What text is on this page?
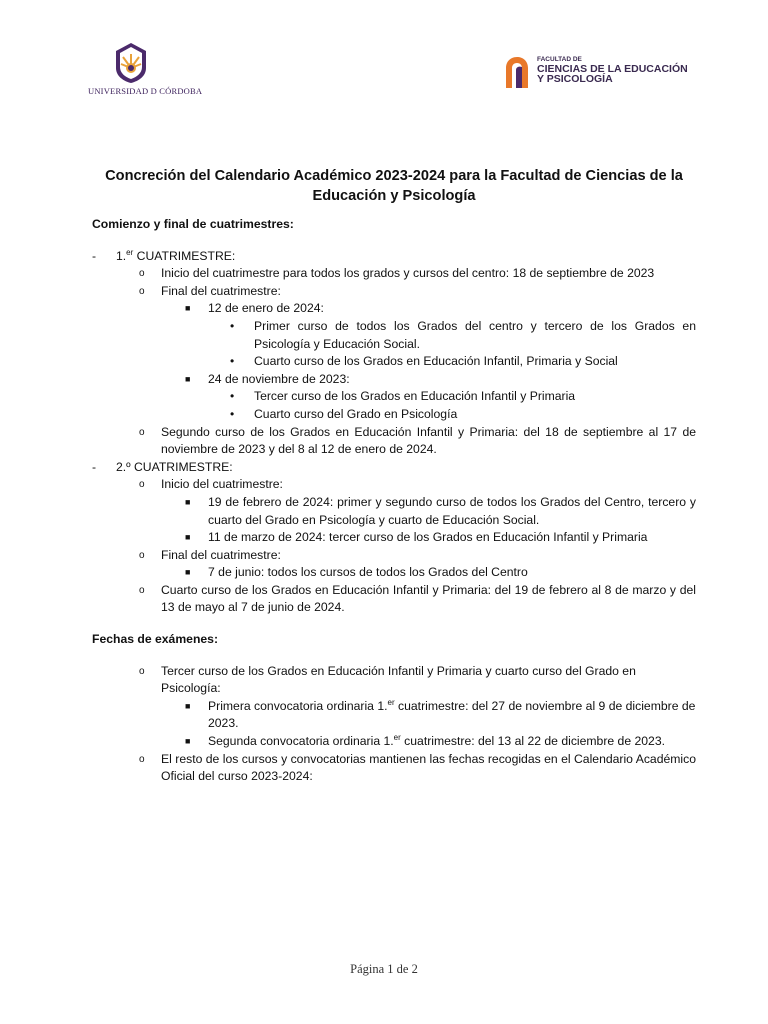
UNIVERSIDAD D CÓRDOBA
FACULTAD DE
CIENCIAS DE LA EDUCACIÓN
Y PSICOLOGÍA
Concreción del Calendario Académico 2023-2024 para la Facultad de Ciencias de la Educación y Psicología
Comienzo y final de cuatrimestres:
- 1.$^{er}$ CUATRIMESTRE:
o Inicio del cuatrimestre para todos los grados y cursos del centro: 18 de septiembre de 2023
o Final del cuatrimestre:
■ 12 de enero de 2024:
• Primer curso de todos los Grados del centro y tercero de los Grados en Psicología y Educación Social.
• Cuarto curso de los Grados en Educación Infantil, Primaria y Social
■ 24 de noviembre de 2023:
• Tercer curso de los Grados en Educación Infantil y Primaria
• Cuarto curso del Grado en Psicología
o Segundo curso de los Grados en Educación Infantil y Primaria: del 18 de septiembre al 17 de noviembre de 2023 y del 8 al 12 de enero de 2024.
- 2.º CUATRIMESTRE:
o Inicio del cuatrimestre:
■ 19 de febrero de 2024: primer y segundo curso de todos los Grados del Centro, tercero y cuarto del Grado en Psicología y cuarto de Educación Social.
■ 11 de marzo de 2024: tercer curso de los Grados en Educación Infantil y Primaria
o Final del cuatrimestre:
■ 7 de junio: todos los cursos de todos los Grados del Centro
o Cuarto curso de los Grados en Educación Infantil y Primaria: del 19 de febrero al 8 de marzo y del 13 de mayo al 7 de junio de 2024.
Fechas de exámenes:
o Tercer curso de los Grados en Educación Infantil y Primaria y cuarto curso del Grado en Psicología:
■ Primera convocatoria ordinaria 1.$^{er}$ cuatrimestre: del 27 de noviembre al 9 de diciembre de 2023.
■ Segunda convocatoria ordinaria 1.$^{er}$ cuatrimestre: del 13 al 22 de diciembre de 2023.
o El resto de los cursos y convocatorias mantienen las fechas recogidas en el Calendario Académico Oficial del curso 2023-2024:
Página 1 de 2
